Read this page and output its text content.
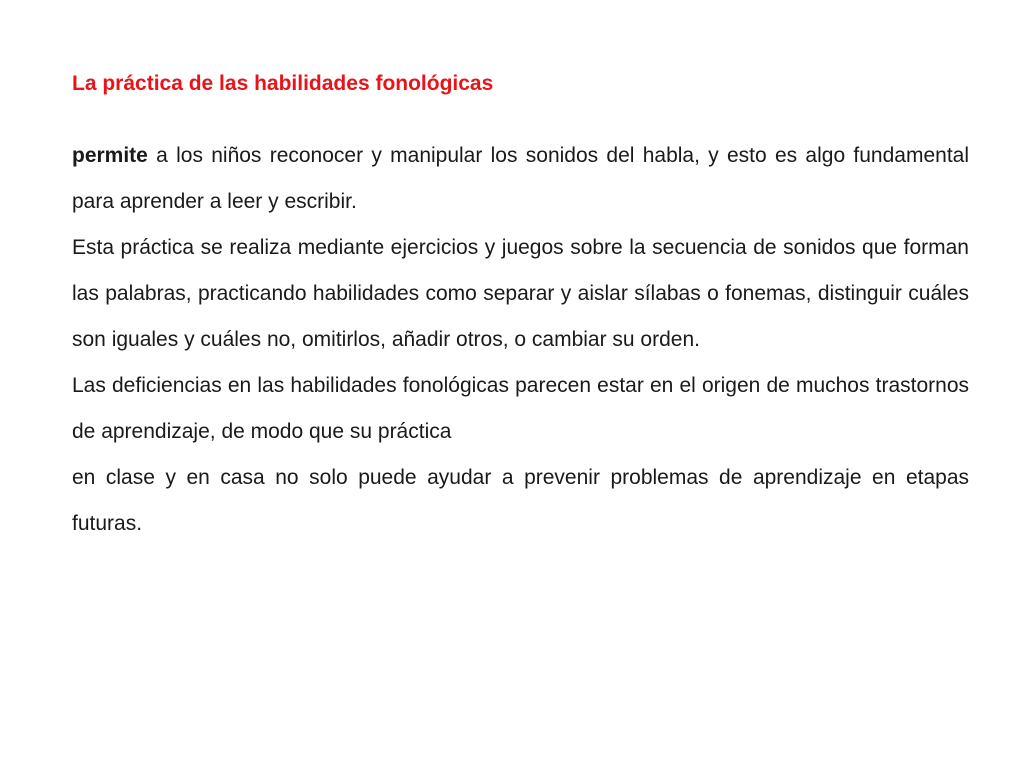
La práctica de las habilidades fonológicas

permite a los niños reconocer y manipular los sonidos del habla, y esto es algo fundamental para aprender a leer y escribir.

Esta práctica se realiza mediante ejercicios y juegos sobre la secuencia de sonidos que forman las palabras, practicando habilidades como separar y aislar sílabas o fonemas, distinguir cuáles son iguales y cuáles no, omitirlos, añadir otros, o cambiar su orden.

Las deficiencias en las habilidades fonológicas parecen estar en el origen de muchos trastornos de aprendizaje, de modo que su práctica

en clase y en casa no solo puede ayudar a prevenir problemas de aprendizaje en etapas futuras.
